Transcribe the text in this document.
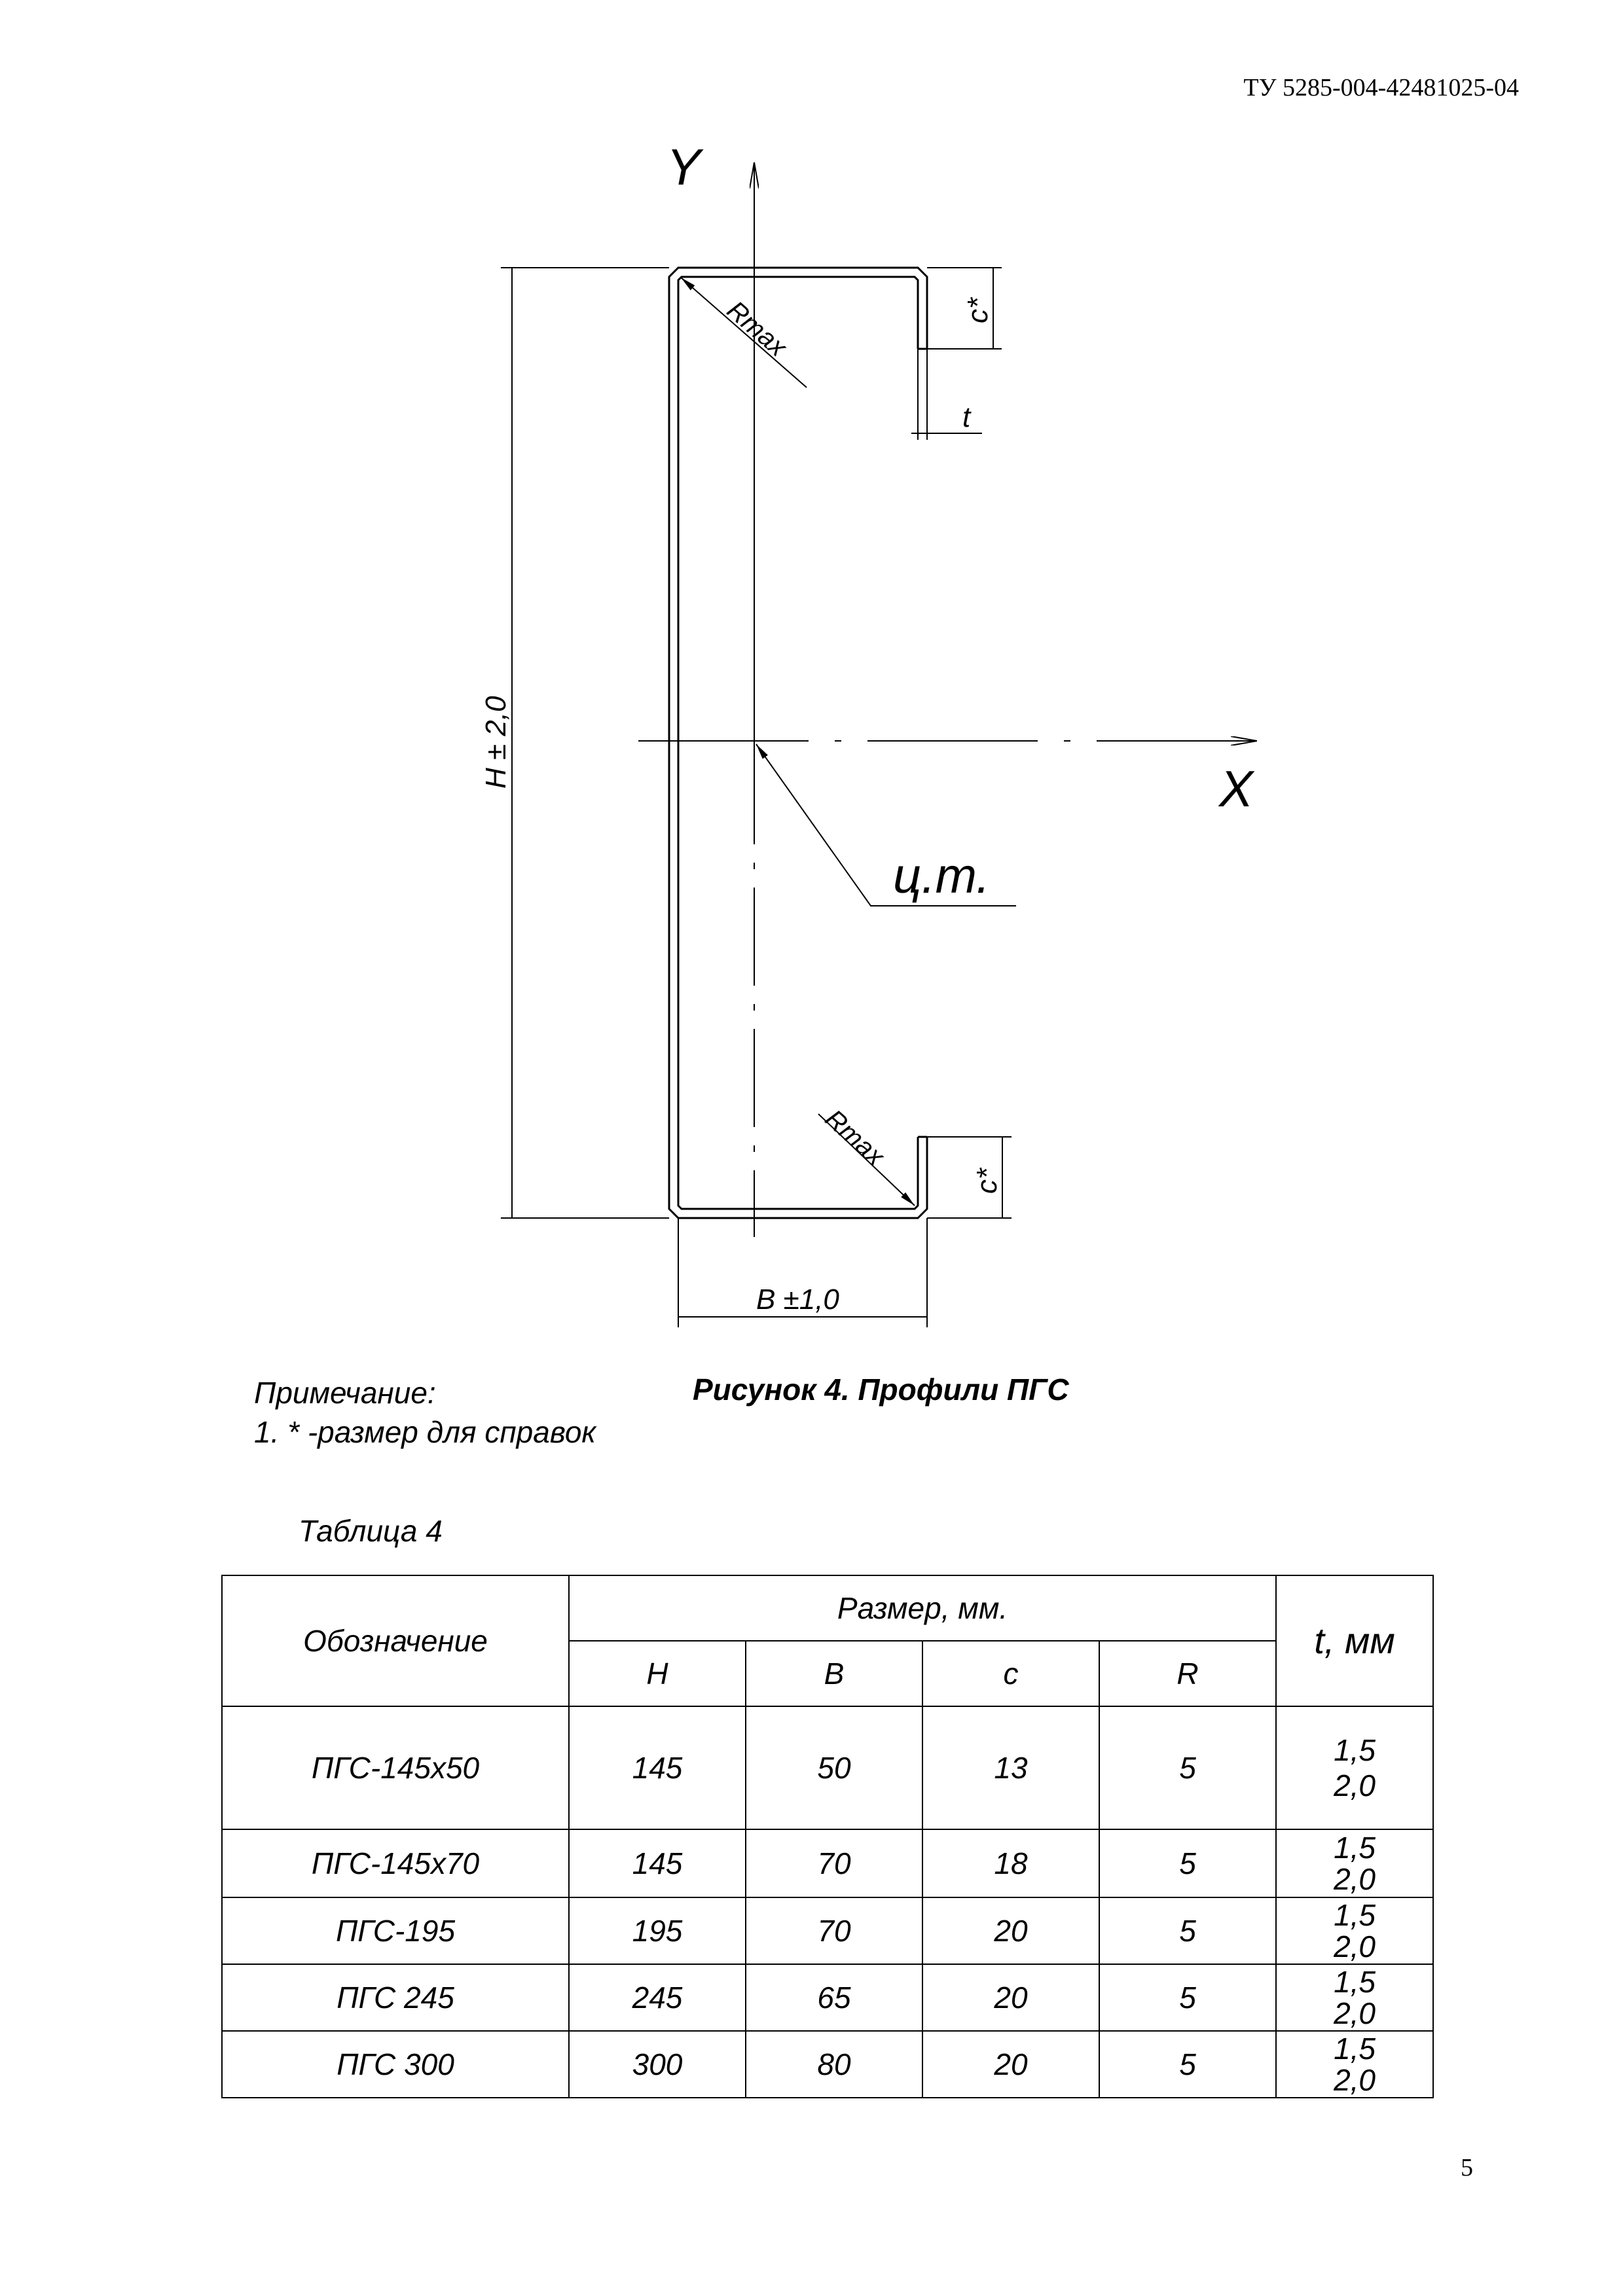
ТУ 5285-004-42481025-04
Y
X
H ± 2,0
B ±1,0
c*
c*
t
Rmax
Rmax
ц.т.
Примечание:
1. * -размер для справок
Рисунок 4. Профили ПГС
Таблица 4
Обозначение	Размер, мм.				t, мм
	H	B	c	R	
ПГС-145х50	145	50	13	5	1,5
2,0

ПГС-145х70	145	70	18	5	1,5
2,0

ПГС-195	195	70	20	5	1,5
2,0

ПГС 245	245	65	20	5	1,5
2,0

ПГС 300	300	80	20	5	1,5
2,0
5
